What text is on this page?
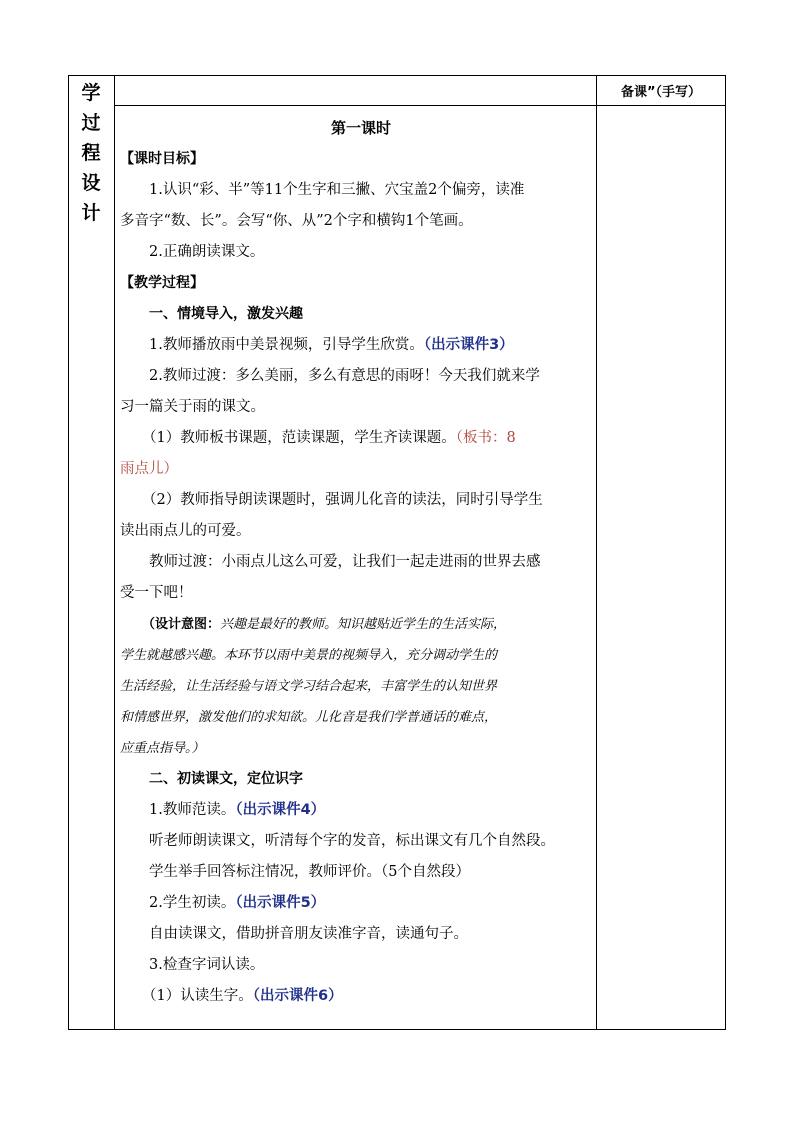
学
过
程
设
计
备课”（手写）
第一课时

【课时目标】

1.认识“彩、半”等11个生字和三撇、穴宝盖2个偏旁，读准

多音字“数、长”。会写“你、从”2个字和横钩1个笔画。

2.正确朗读课文。

【教学过程】

一、情境导入，激发兴趣

1.教师播放雨中美景视频，引导学生欣赏。（出示课件3）

2.教师过渡：多么美丽，多么有意思的雨呀！今天我们就来学

习一篇关于雨的课文。

（1）教师板书课题，范读课题，学生齐读课题。（板书：8

雨点儿）

（2）教师指导朗读课题时，强调儿化音的读法，同时引导学生

读出雨点儿的可爱。

教师过渡：小雨点儿这么可爱，让我们一起走进雨的世界去感

受一下吧！

（设计意图：兴趣是最好的教师。知识越贴近学生的生活实际，

学生就越感兴趣。本环节以雨中美景的视频导入，充分调动学生的

生活经验，让生活经验与语文学习结合起来，丰富学生的认知世界

和情感世界，激发他们的求知欲。儿化音是我们学普通话的难点，

应重点指导。）

二、初读课文，定位识字

1.教师范读。（出示课件4）

听老师朗读课文，听清每个字的发音，标出课文有几个自然段。

学生举手回答标注情况，教师评价。（5个自然段）

2.学生初读。（出示课件5）

自由读课文，借助拼音朋友读准字音，读通句子。

3.检查字词认读。

（1）认读生字。（出示课件6）
